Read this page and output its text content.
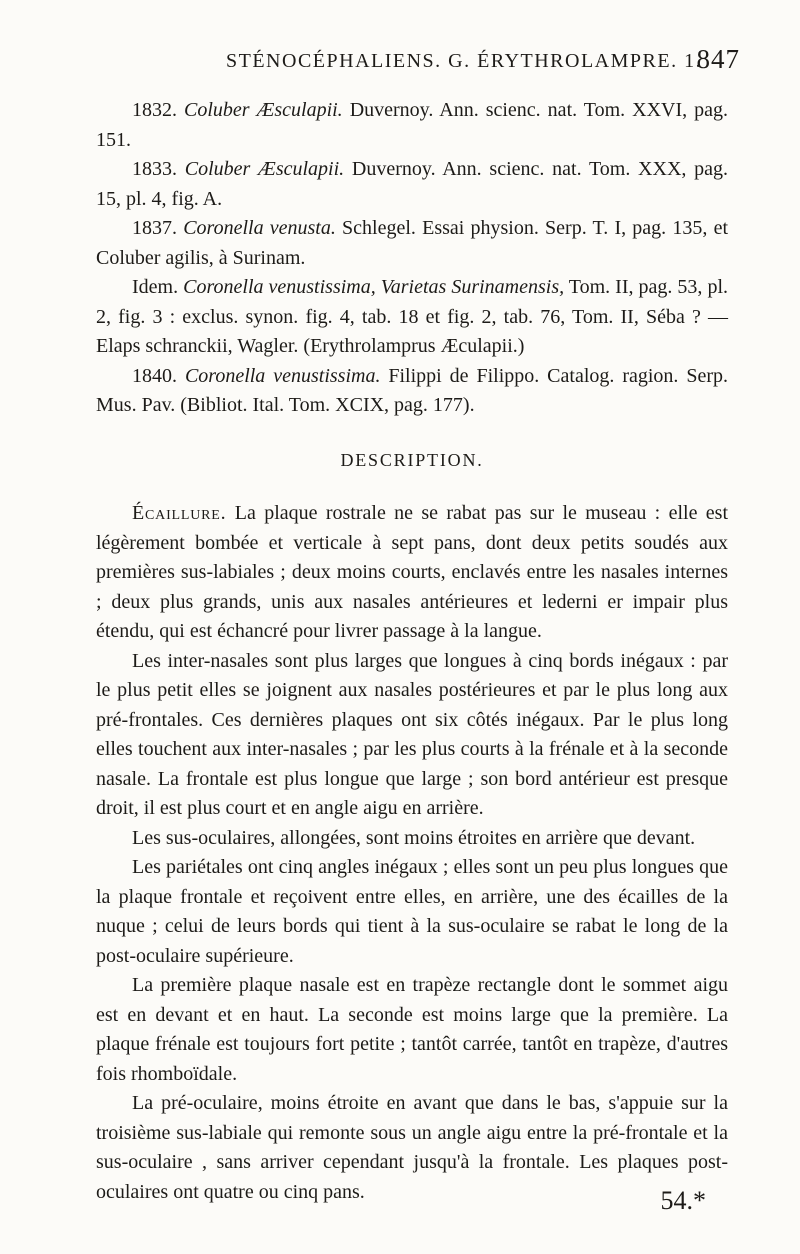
STÉNOCÉPHALIENS. G. ÉRYTHROLAMPRE. 1.
847

1832. Coluber Æsculapii. Duvernoy. Ann. scienc. nat. Tom. XXVI, pag. 151.

1833. Coluber Æsculapii. Duvernoy. Ann. scienc. nat. Tom. XXX, pag. 15, pl. 4, fig. A.

1837. Coronella venusta. Schlegel. Essai physion. Serp. T. I, pag. 135, et Coluber agilis, à Surinam.

Idem. Coronella venustissima, Varietas Surinamensis, Tom. II, pag. 53, pl. 2, fig. 3 : exclus. synon. fig. 4, tab. 18 et fig. 2, tab. 76, Tom. II, Séba ? — Elaps schranckii, Wagler. (Erythrolamprus Æculapii.)

1840. Coronella venustissima. Filippi de Filippo. Catalog. ragion. Serp. Mus. Pav. (Bibliot. Ital. Tom. XCIX, pag. 177).

DESCRIPTION.

Écaillure. La plaque rostrale ne se rabat pas sur le museau : elle est légèrement bombée et verticale à sept pans, dont deux petits soudés aux premières sus-labiales ; deux moins courts, enclavés entre les nasales internes ; deux plus grands, unis aux nasales antérieures et lederni er impair plus étendu, qui est échancré pour livrer passage à la langue.

Les inter-nasales sont plus larges que longues à cinq bords inégaux : par le plus petit elles se joignent aux nasales postérieures et par le plus long aux pré-frontales. Ces dernières plaques ont six côtés inégaux. Par le plus long elles touchent aux inter-nasales ; par les plus courts à la frénale et à la seconde nasale. La frontale est plus longue que large ; son bord antérieur est presque droit, il est plus court et en angle aigu en arrière.

Les sus-oculaires, allongées, sont moins étroites en arrière que devant.

Les pariétales ont cinq angles inégaux ; elles sont un peu plus longues que la plaque frontale et reçoivent entre elles, en arrière, une des écailles de la nuque ; celui de leurs bords qui tient à la sus-oculaire se rabat le long de la post-oculaire supérieure.

La première plaque nasale est en trapèze rectangle dont le sommet aigu est en devant et en haut. La seconde est moins large que la première. La plaque frénale est toujours fort petite ; tantôt carrée, tantôt en trapèze, d'autres fois rhomboïdale.

La pré-oculaire, moins étroite en avant que dans le bas, s'appuie sur la troisième sus-labiale qui remonte sous un angle aigu entre la pré-frontale et la sus-oculaire , sans arriver cependant jusqu'à la frontale. Les plaques post-oculaires ont quatre ou cinq pans.	54.*
